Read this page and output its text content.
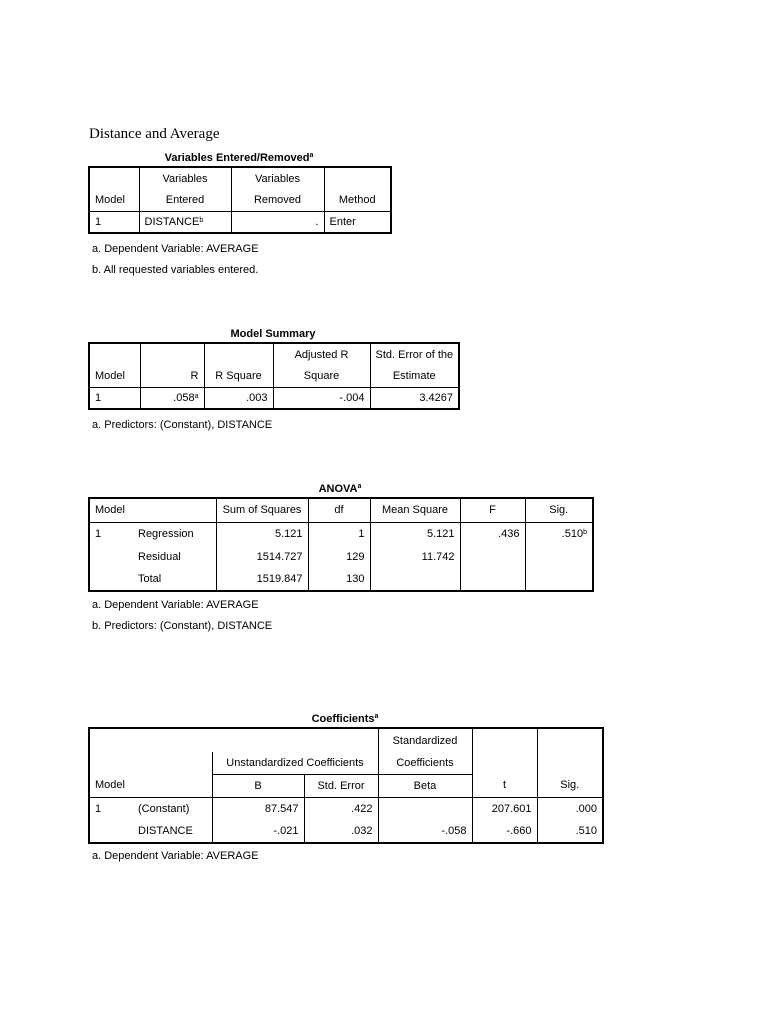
Distance and Average
Variables Entered/Removed$^a$
	Variables	Variables	
Model	Entered	Removed	Method
1	DISTANCE$^b$	.	Enter
a. Dependent Variable: AVERAGE
b. All requested variables entered.
Model Summary
			Adjusted R	Std. Error of the
Model	R	R Square	Square	Estimate
1	.058$^a$	.003	-.004	3.4267
a. Predictors: (Constant), DISTANCE
ANOVA$^a$
Model		Sum of Squares	df	Mean Square	F	Sig.
1	Regression	5.121	1	5.121	.436	.510$^b$
	Residual	1514.727	129	11.742		
	Total	1519.847	130			
a. Dependent Variable: AVERAGE
b. Predictors: (Constant), DISTANCE
Coefficients$^a$
				Standardized		
		Unstandardized Coefficients		Coefficients		
Model		B	Std. Error	Beta	t	Sig.
1	(Constant)	87.547	.422		207.601	.000
	DISTANCE	-.021	.032	-.058	-.660	.510
a. Dependent Variable: AVERAGE
